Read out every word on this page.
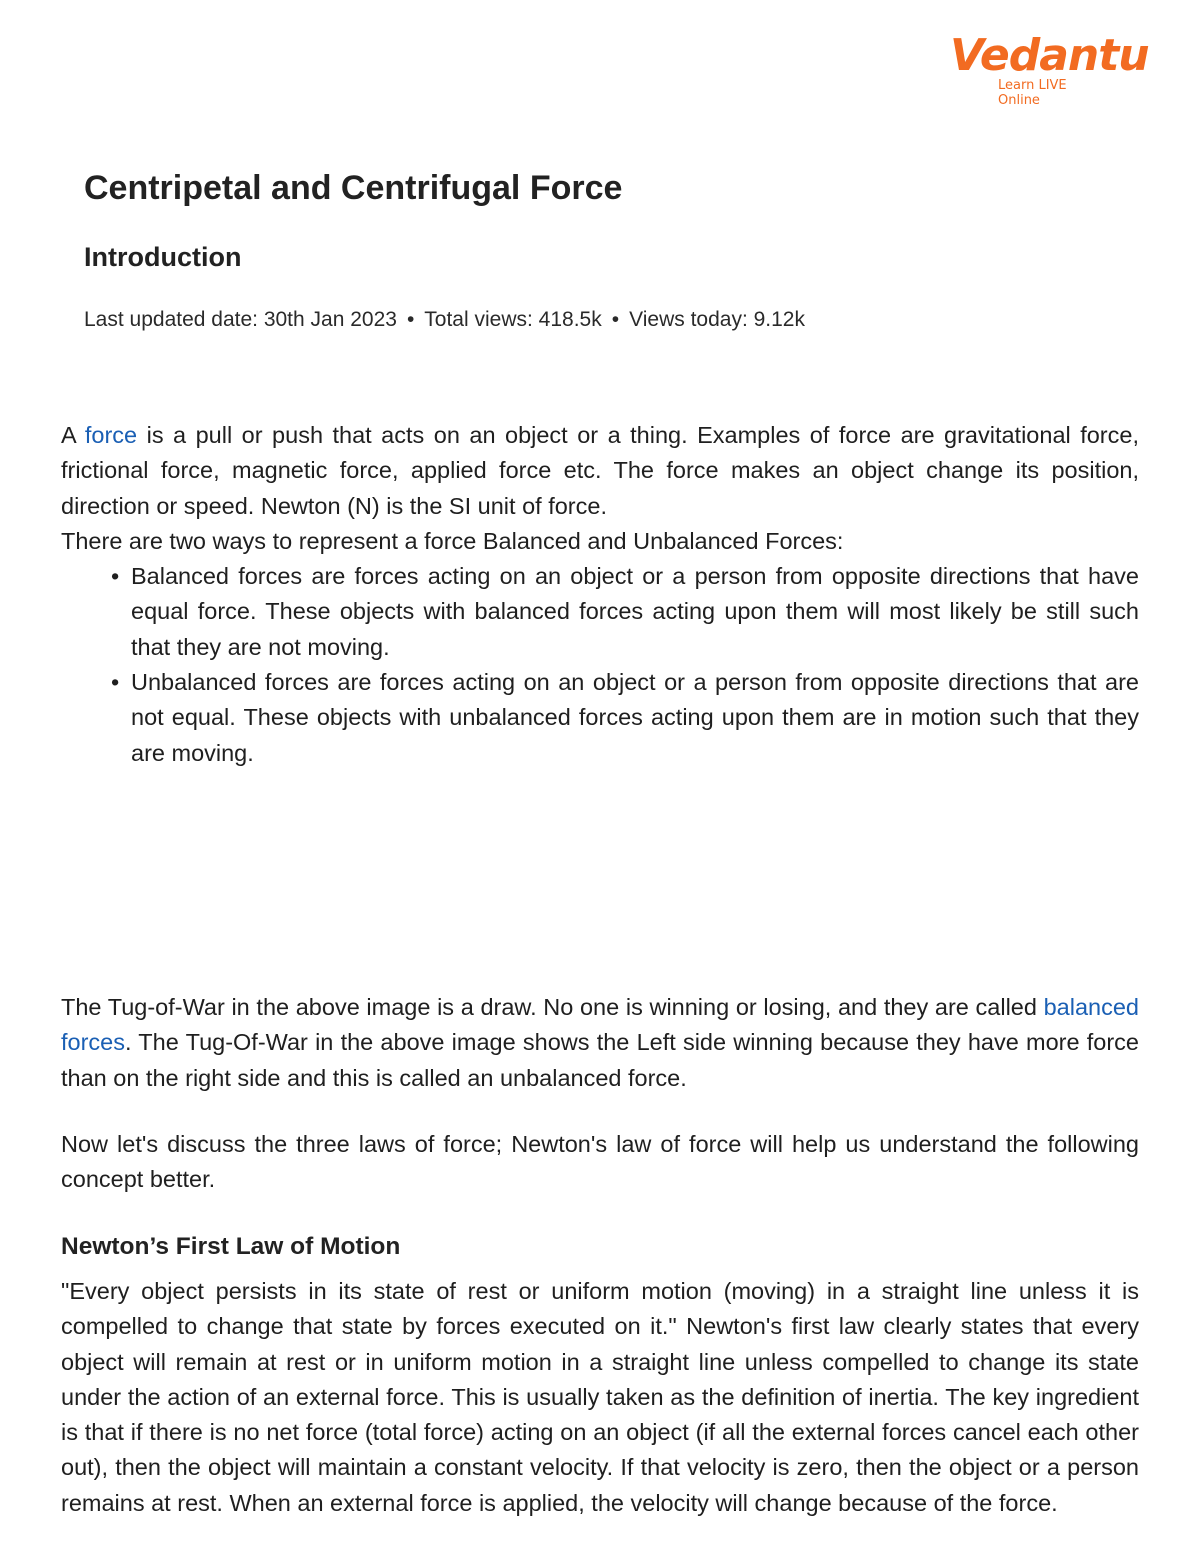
Vedantu
Learn LIVE Online
Centripetal and Centrifugal Force
Introduction
Last updated date: 30th Jan 2023 • Total views: 418.5k • Views today: 9.12k

A force is a pull or push that acts on an object or a thing. Examples of force are gravitational force, frictional force, magnetic force, applied force etc. The force makes an object change its position, direction or speed. Newton (N) is the SI unit of force.

There are two ways to represent a force Balanced and Unbalanced Forces:

• Balanced forces are forces acting on an object or a person from opposite directions that have equal force. These objects with balanced forces acting upon them will most likely be still such that they are not moving.
• Unbalanced forces are forces acting on an object or a person from opposite directions that are not equal. These objects with unbalanced forces acting upon them are in motion such that they are moving.

The Tug-of-War in the above image is a draw. No one is winning or losing, and they are called balanced forces. The Tug-Of-War in the above image shows the Left side winning because they have more force than on the right side and this is called an unbalanced force.

Now let's discuss the three laws of force; Newton's law of force will help us understand the following concept better.

Newton’s First Law of Motion

"Every object persists in its state of rest or uniform motion (moving) in a straight line unless it is compelled to change that state by forces executed on it." Newton's first law clearly states that every object will remain at rest or in uniform motion in a straight line unless compelled to change its state under the action of an external force. This is usually taken as the definition of inertia. The key ingredient is that if there is no net force (total force) acting on an object (if all the external forces cancel each other out), then the object will maintain a constant velocity. If that velocity is zero, then the object or a person remains at rest. When an external force is applied, the velocity will change because of the force.
